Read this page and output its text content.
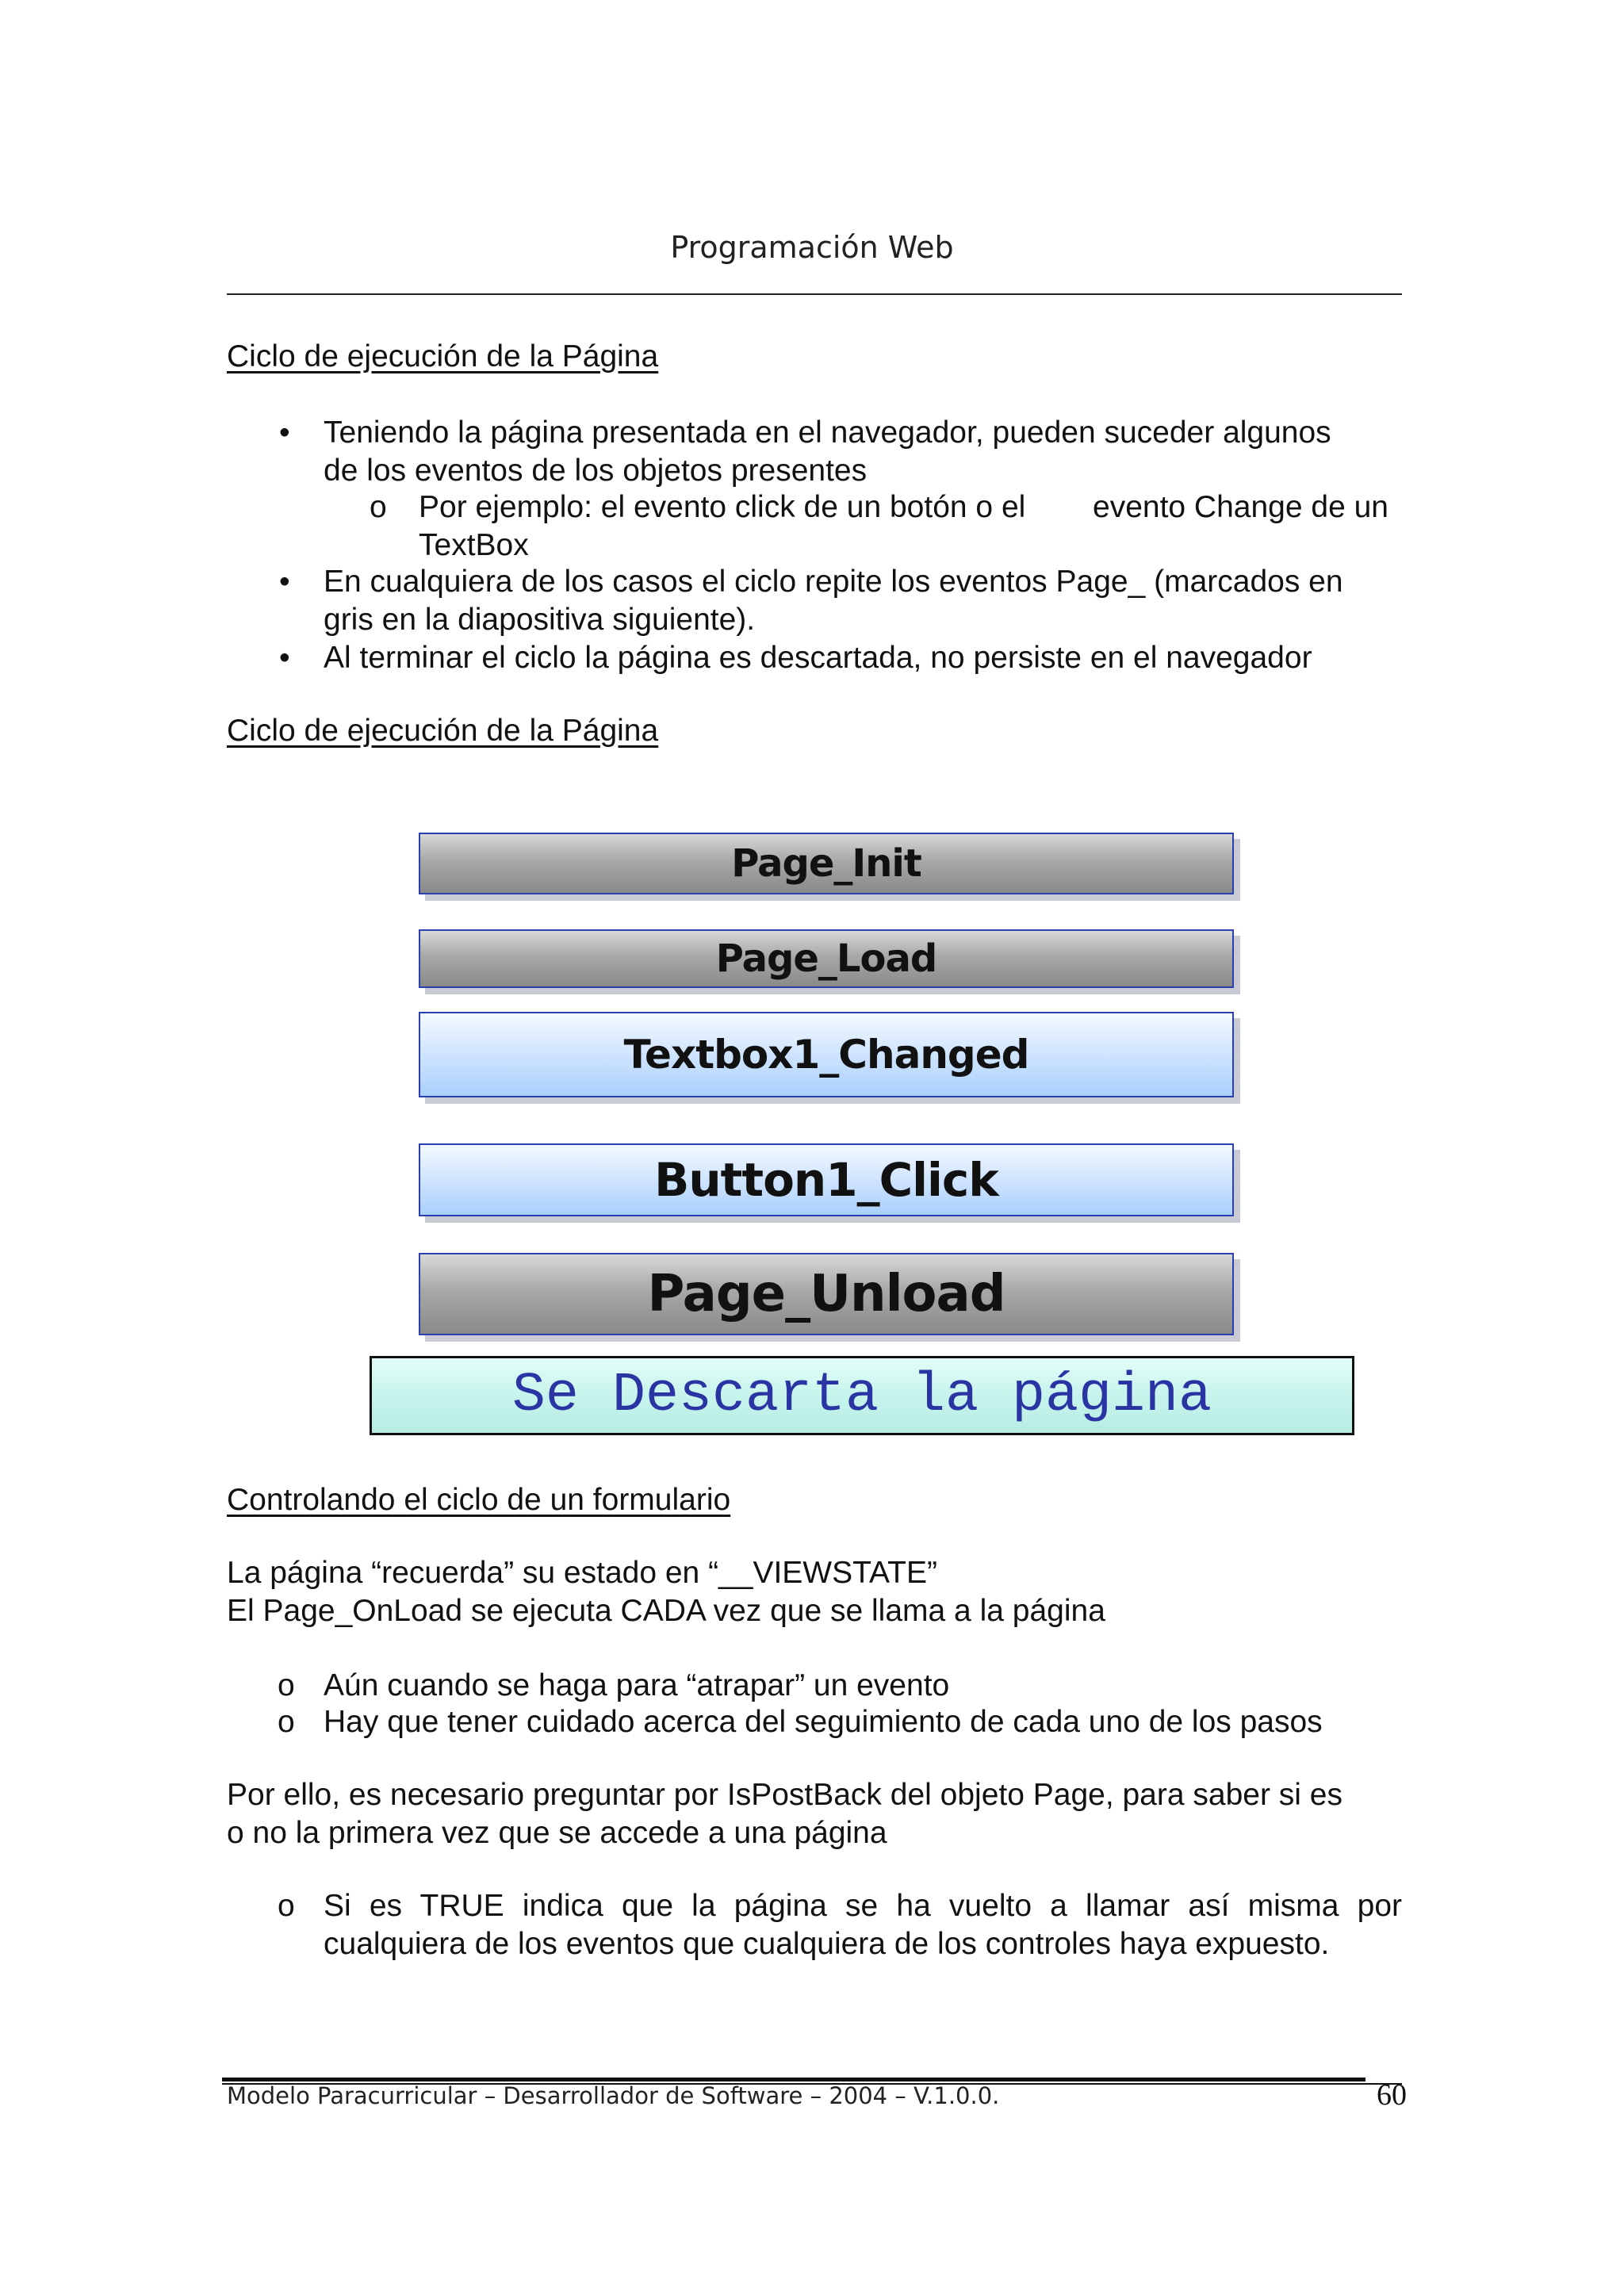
Programación Web
Ciclo de ejecución de la Página
• Teniendo la página presentada en el navegador, pueden suceder algunos
de los eventos de los objetos presentes
o Por ejemplo: el evento click de un botón o el evento Change de un
TextBox
• En cualquiera de los casos el ciclo repite los eventos Page_ (marcados en
gris en la diapositiva siguiente).
• Al terminar el ciclo la página es descartada, no persiste en el navegador
Ciclo de ejecución de la Página
Page_Init
Page_Load
Textbox1_Changed
Button1_Click
Page_Unload
Se Descarta la página
Controlando el ciclo de un formulario
La página “recuerda” su estado en “__VIEWSTATE”
El Page_OnLoad se ejecuta CADA vez que se llama a la página
o Aún cuando se haga para “atrapar” un evento
o Hay que tener cuidado acerca del seguimiento de cada uno de los pasos
Por ello, es necesario preguntar por IsPostBack del objeto Page, para saber si es
o no la primera vez que se accede a una página
o Si es TRUE indica que la página se ha vuelto a llamar así misma por
cualquiera de los eventos que cualquiera de los controles haya expuesto.
Modelo Paracurricular – Desarrollador de Software – 2004 – V.1.0.0.	60
